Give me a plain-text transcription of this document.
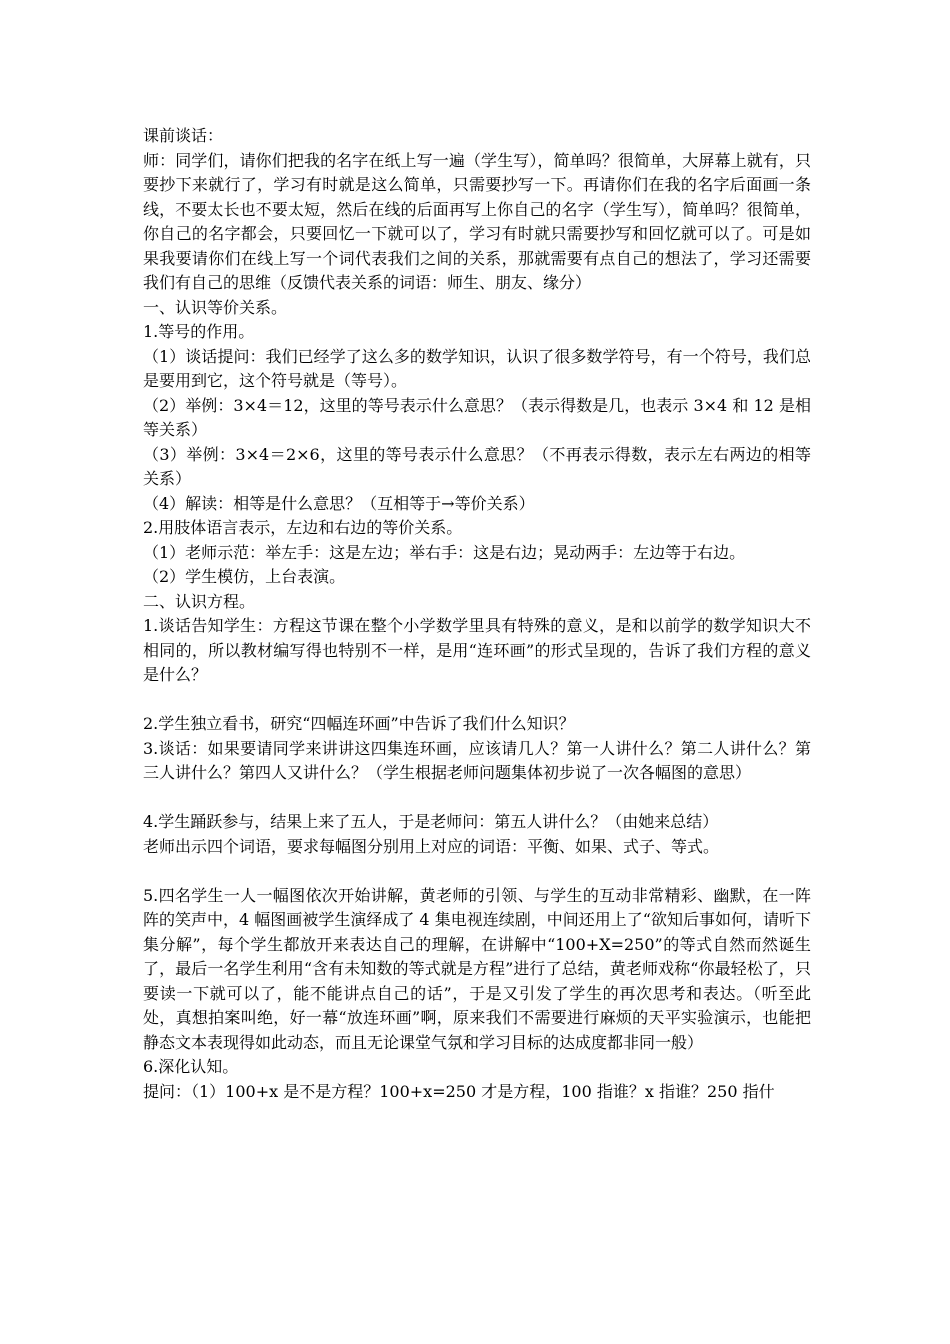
课前谈话：

师：同学们，请你们把我的名字在纸上写一遍（学生写），简单吗？很简单，大屏幕上就有，只要抄下来就行了，学习有时就是这么简单，只需要抄写一下。再请你们在我的名字后面画一条线，不要太长也不要太短，然后在线的后面再写上你自己的名字（学生写），简单吗？很简单，你自己的名字都会，只要回忆一下就可以了，学习有时就只需要抄写和回忆就可以了。可是如果我要请你们在线上写一个词代表我们之间的关系，那就需要有点自己的想法了，学习还需要我们有自己的思维（反馈代表关系的词语：师生、朋友、缘分）

一、认识等价关系。

1.等号的作用。

（1）谈话提问：我们已经学了这么多的数学知识，认识了很多数学符号，有一个符号，我们总是要用到它，这个符号就是（等号）。

（2）举例：3×4＝12，这里的等号表示什么意思？（表示得数是几，也表示 3×4 和 12 是相等关系）

（3）举例：3×4＝2×6，这里的等号表示什么意思？（不再表示得数，表示左右两边的相等关系）

（4）解读：相等是什么意思？（互相等于→等价关系）

2.用肢体语言表示，左边和右边的等价关系。

（1）老师示范：举左手：这是左边；举右手：这是右边；晃动两手：左边等于右边。

（2）学生模仿，上台表演。

二、认识方程。

1.谈话告知学生：方程这节课在整个小学数学里具有特殊的意义，是和以前学的数学知识大不相同的，所以教材编写得也特别不一样，是用“连环画”的形式呈现的，告诉了我们方程的意义是什么？

2.学生独立看书，研究“四幅连环画”中告诉了我们什么知识？

3.谈话：如果要请同学来讲讲这四集连环画，应该请几人？第一人讲什么？第二人讲什么？第三人讲什么？第四人又讲什么？（学生根据老师问题集体初步说了一次各幅图的意思）

4.学生踊跃参与，结果上来了五人，于是老师问：第五人讲什么？（由她来总结）

老师出示四个词语，要求每幅图分别用上对应的词语：平衡、如果、式子、等式。

5.四名学生一人一幅图依次开始讲解，黄老师的引领、与学生的互动非常精彩、幽默，在一阵阵的笑声中，4 幅图画被学生演绎成了 4 集电视连续剧，中间还用上了“欲知后事如何，请听下集分解”，每个学生都放开来表达自己的理解，在讲解中“100+X=250”的等式自然而然诞生了，最后一名学生利用“含有未知数的等式就是方程”进行了总结，黄老师戏称“你最轻松了，只要读一下就可以了，能不能讲点自己的话”，于是又引发了学生的再次思考和表达。（听至此处，真想拍案叫绝，好一幕“放连环画”啊，原来我们不需要进行麻烦的天平实验演示，也能把静态文本表现得如此动态，而且无论课堂气氛和学习目标的达成度都非同一般）

6.深化认知。

提问：（1）100+x 是不是方程？100+x=250 才是方程，100 指谁？x 指谁？250 指什
